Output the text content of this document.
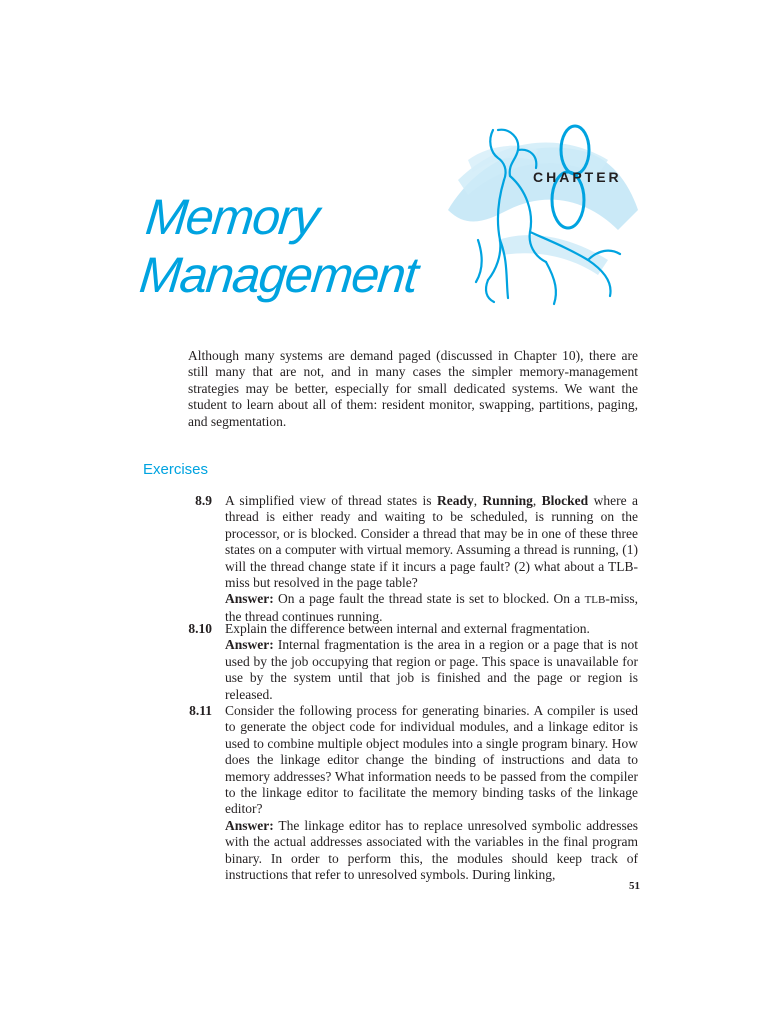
CHAPTER
Memory
Management
Although many systems are demand paged (discussed in Chapter 10), there are still many that are not, and in many cases the simpler memory-management strategies may be better, especially for small dedicated systems. We want the student to learn about all of them: resident monitor, swapping, partitions, paging, and segmentation.
Exercises
8.9 A simplified view of thread states is Ready, Running, Blocked where a thread is either ready and waiting to be scheduled, is running on the processor, or is blocked. Consider a thread that may be in one of these three states on a computer with virtual memory. Assuming a thread is running, (1) will the thread change state if it incurs a page fault? (2) what about a TLB-miss but resolved in the page table?

Answer: On a page fault the thread state is set to blocked. On a TLB-miss, the thread continues running.

8.10 Explain the difference between internal and external fragmentation.

Answer: Internal fragmentation is the area in a region or a page that is not used by the job occupying that region or page. This space is unavailable for use by the system until that job is finished and the page or region is released.

8.11 Consider the following process for generating binaries. A compiler is used to generate the object code for individual modules, and a linkage editor is used to combine multiple object modules into a single program binary. How does the linkage editor change the binding of instructions and data to memory addresses? What information needs to be passed from the compiler to the linkage editor to facilitate the memory binding tasks of the linkage editor?

Answer: The linkage editor has to replace unresolved symbolic addresses with the actual addresses associated with the variables in the final program binary. In order to perform this, the modules should keep track of instructions that refer to unresolved symbols. During linking,

51
